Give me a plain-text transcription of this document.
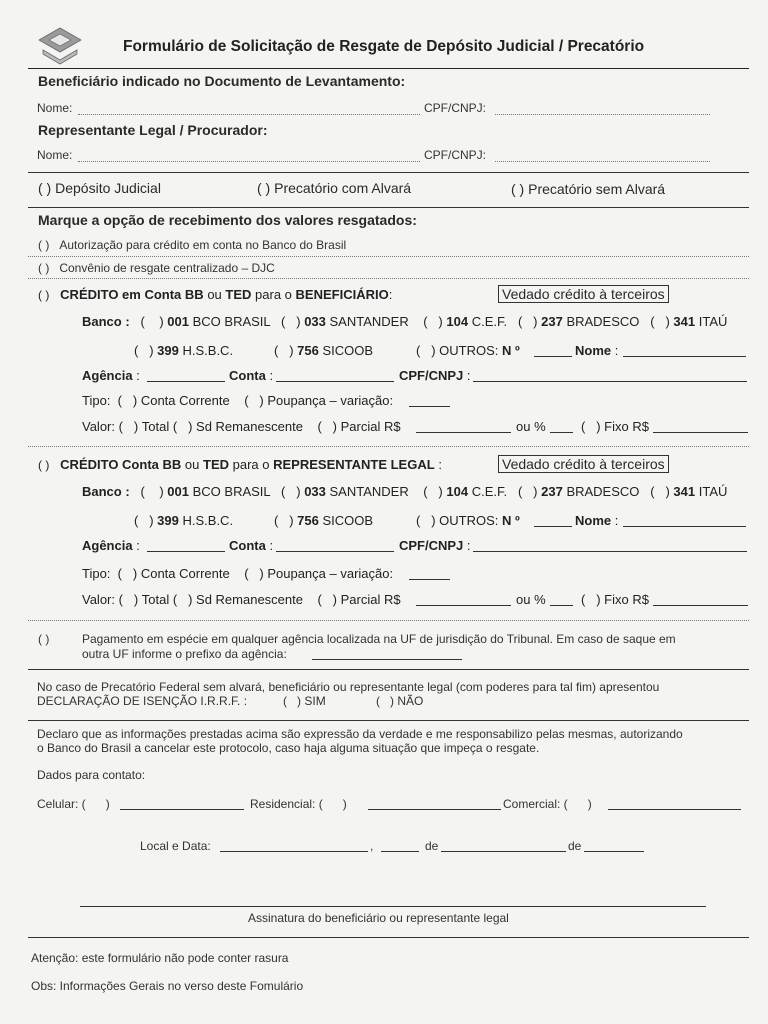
Formulário de Solicitação de Resgate de Depósito Judicial / Precatório
Beneficiário indicado no Documento de Levantamento:
Nome:	CPF/CNPJ:
Representante Legal / Procurador:
Nome:	CPF/CNPJ:
( ) Depósito Judicial	( ) Precatório com Alvará	( ) Precatório sem Alvará
Marque a opção de recebimento dos valores resgatados:
( ) Autorização para crédito em conta no Banco do Brasil
( ) Convênio de resgate centralizado – DJC
( ) CRÉDITO em Conta BB ou TED para o BENEFICIÁRIO:	Vedado crédito à terceiros
Banco : ( ) 001 BCO BRASIL ( ) 033 SANTANDER ( ) 104 C.E.F. ( ) 237 BRADESCO ( ) 341 ITAÚ
( ) 399 H.S.B.C.	( ) 756 SICOOB	( ) OUTROS: N º	Nome :
Agência :	Conta :	CPF/CNPJ :
Tipo: ( ) Conta Corrente ( ) Poupança – variação:
Valor: ( ) Total ( ) Sd Remanescente ( ) Parcial R$	ou %	( ) Fixo R$
( ) CRÉDITO Conta BB ou TED para o REPRESENTANTE LEGAL :	Vedado crédito à terceiros
Banco : ( ) 001 BCO BRASIL ( ) 033 SANTANDER ( ) 104 C.E.F. ( ) 237 BRADESCO ( ) 341 ITAÚ
( ) 399 H.S.B.C.	( ) 756 SICOOB	( ) OUTROS: N º	Nome :
Agência :	Conta :	CPF/CNPJ :
Tipo: ( ) Conta Corrente ( ) Poupança – variação:
Valor: ( ) Total ( ) Sd Remanescente ( ) Parcial R$	ou %	( ) Fixo R$
( )	Pagamento em espécie em qualquer agência localizada na UF de jurisdição do Tribunal. Em caso de saque em
outra UF informe o prefixo da agência:
No caso de Precatório Federal sem alvará, beneficiário ou representante legal (com poderes para tal fim) apresentou
DECLARAÇÃO DE ISENÇÃO I.R.R.F. :	( ) SIM	( ) NÃO
Declaro que as informações prestadas acima são expressão da verdade e me responsabilizo pelas mesmas, autorizando
o Banco do Brasil a cancelar este protocolo, caso haja alguma situação que impeça o resgate.
Dados para contato:
Celular: ( )	Residencial: ( )	Comercial: ( )
Local e Data:	,	de	de
Assinatura do beneficiário ou representante legal
Atenção: este formulário não pode conter rasura
Obs: Informações Gerais no verso deste Fomulário
